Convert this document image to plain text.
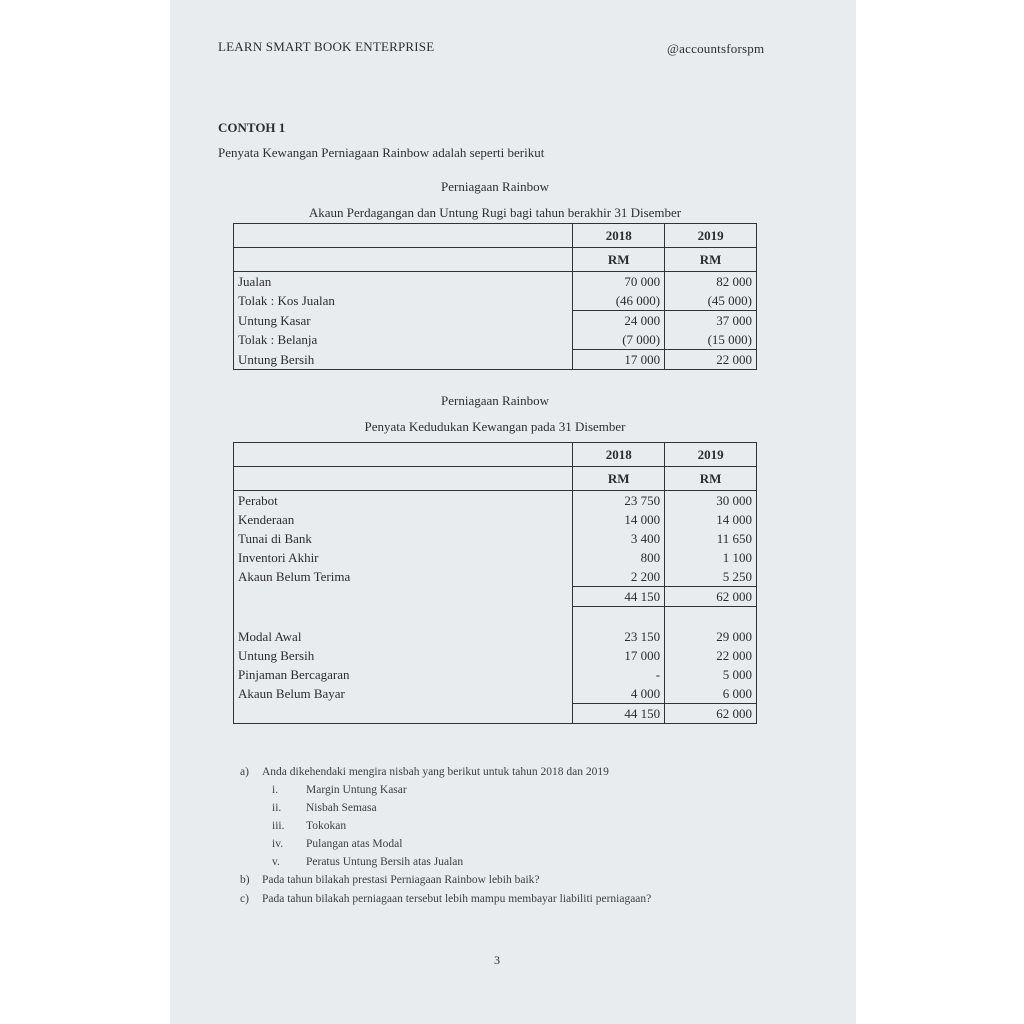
LEARN SMART BOOK ENTERPRISE	@accountsforspm
CONTOH 1
Penyata Kewangan Perniagaan Rainbow adalah seperti berikut
Perniagaan Rainbow
Akaun Perdagangan dan Untung Rugi bagi tahun berakhir 31 Disember
	2018	2019
	RM	RM
Jualan	70 000	82 000
Tolak : Kos Jualan	(46 000)	(45 000)
Untung Kasar	24 000	37 000
Tolak : Belanja	(7 000)	(15 000)
Untung Bersih	17 000	22 000
Perniagaan Rainbow
Penyata Kedudukan Kewangan pada 31 Disember
	2018	2019
	RM	RM
Perabot	23 750	30 000
Kenderaan	14 000	14 000
Tunai di Bank	3 400	11 650
Inventori Akhir	800	1 100
Akaun Belum Terima	2 200	5 250
	44 150	62 000

Modal Awal	23 150	29 000
Untung Bersih	17 000	22 000
Pinjaman Bercagaran	-	5 000
Akaun Belum Bayar	4 000	6 000
	44 150	62 000
a) Anda dikehendaki mengira nisbah yang berikut untuk tahun 2018 dan 2019
i. Margin Untung Kasar
ii. Nisbah Semasa
iii. Tokokan
iv. Pulangan atas Modal
v. Peratus Untung Bersih atas Jualan
b) Pada tahun bilakah prestasi Perniagaan Rainbow lebih baik?
c) Pada tahun bilakah perniagaan tersebut lebih mampu membayar liabiliti perniagaan?
3
